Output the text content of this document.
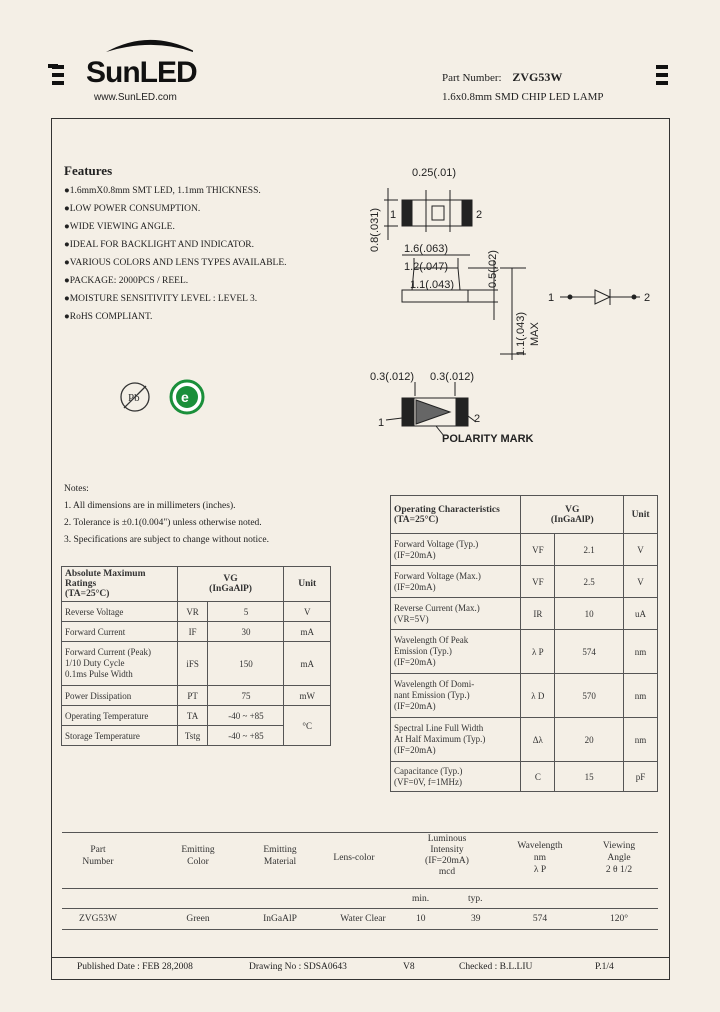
SunLED
www.SunLED.com
Part Number: ZVG53W
1.6x0.8mm SMD CHIP LED LAMP
Features
●1.6mmX0.8mm SMT LED, 1.1mm THICKNESS.
●LOW POWER CONSUMPTION.
●WIDE VIEWING ANGLE.
●IDEAL FOR BACKLIGHT AND INDICATOR.
●VARIOUS COLORS AND LENS TYPES AVAILABLE.
●PACKAGE: 2000PCS / REEL.
●MOISTURE SENSITIVITY LEVEL : LEVEL 3.
●RoHS COMPLIANT.
Pb	e
0.25(.01)
0.8(.031) 1	2
1.6(.063)
1.2(.047)
1.1(.043)	0.5(.02)
1.1(.043) MAX
1	2
0.3(.012) 0.3(.012)
1	2
POLARITY MARK
Notes:
1. All dimensions are in millimeters (inches).
2. Tolerance is ±0.1(0.004") unless otherwise noted.
3. Specifications are subject to change without notice.
Absolute Maximum Ratings
(TA=25°C)	VG
(InGaAlP)		Unit
Reverse Voltage	VR	5	V
Forward Current	IF	30	mA
Forward Current (Peak)
1/10 Duty Cycle
0.1ms Pulse Width	iFS	150	mA
Power Dissipation	PT	75	mW
Operating Temperature	TA	-40 ~ +85	°C
Storage Temperature	Tstg	-40 ~ +85	
Operating Characteristics
(TA=25°C)	VG
(InGaAlP)		Unit
Forward Voltage (Typ.)
(IF=20mA)	VF	2.1	V
Forward Voltage (Max.)
(IF=20mA)	VF	2.5	V
Reverse Current (Max.)
(VR=5V)	IR	10	uA
Wavelength Of Peak
Emission (Typ.)
(IF=20mA)	λ P	574	nm
Wavelength Of Domi-
nant Emission (Typ.)
(IF=20mA)	λ D	570	nm
Spectral Line Full Width
At Half Maximum (Typ.)
(IF=20mA)	Δλ	20	nm
Capacitance (Typ.)
(VF=0V, f=1MHz)	C	15	pF
Part
Number
Emitting
Color
Emitting
Material	Lens-color
Luminous
Intensity
(IF=20mA)
mcd
Wavelength
nm
λ P
Viewing
Angle
2 θ 1/2
min.	typ.
ZVG53W	Green	InGaAlP	Water Clear	10	39	574	120°
Published Date : FEB 28,2008	Drawing No : SDSA0643	V8	Checked : B.L.LIU	P.1/4
